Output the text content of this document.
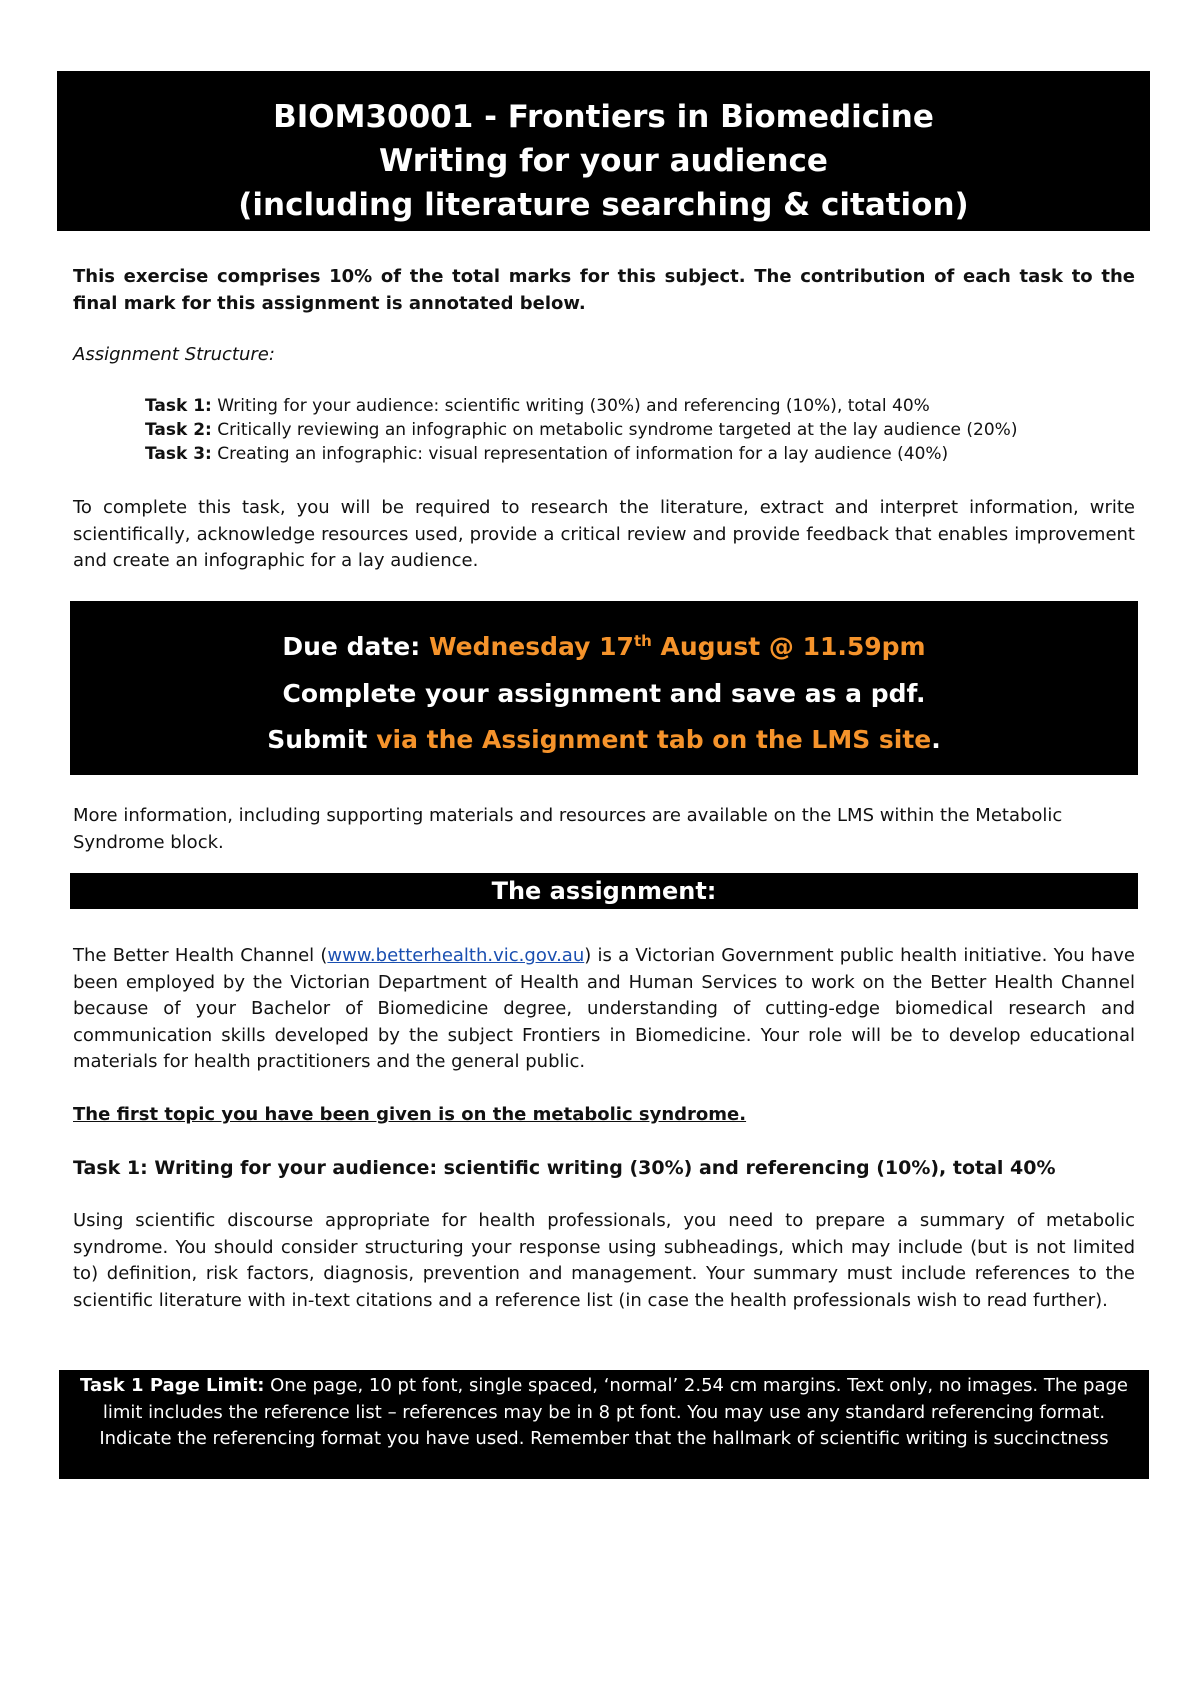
BIOM30001 - Frontiers in Biomedicine
Writing for your audience
(including literature searching & citation)
This exercise comprises 10% of the total marks for this subject. The contribution of each task to the final mark for this assignment is annotated below.
Assignment Structure:
Task 1: Writing for your audience: scientific writing (30%) and referencing (10%), total 40%
Task 2: Critically reviewing an infographic on metabolic syndrome targeted at the lay audience (20%)
Task 3: Creating an infographic: visual representation of information for a lay audience (40%)
To complete this task, you will be required to research the literature, extract and interpret information, write scientifically, acknowledge resources used, provide a critical review and provide feedback that enables improvement and create an infographic for a lay audience.
Due date: Wednesday 17th August @ 11.59pm
Complete your assignment and save as a pdf.
Submit via the Assignment tab on the LMS site.
More information, including supporting materials and resources are available on the LMS within the Metabolic Syndrome block.
The assignment:
The Better Health Channel (www.betterhealth.vic.gov.au) is a Victorian Government public health initiative. You have been employed by the Victorian Department of Health and Human Services to work on the Better Health Channel because of your Bachelor of Biomedicine degree, understanding of cutting-edge biomedical research and communication skills developed by the subject Frontiers in Biomedicine. Your role will be to develop educational materials for health practitioners and the general public.
The first topic you have been given is on the metabolic syndrome.
Task 1: Writing for your audience: scientific writing (30%) and referencing (10%), total 40%
Using scientific discourse appropriate for health professionals, you need to prepare a summary of metabolic syndrome. You should consider structuring your response using subheadings, which may include (but is not limited to) definition, risk factors, diagnosis, prevention and management. Your summary must include references to the scientific literature with in-text citations and a reference list (in case the health professionals wish to read further).
Task 1 Page Limit: One page, 10 pt font, single spaced, ‘normal’ 2.54 cm margins. Text only, no images. The page limit includes the reference list – references may be in 8 pt font. You may use any standard referencing format. Indicate the referencing format you have used. Remember that the hallmark of scientific writing is succinctness
